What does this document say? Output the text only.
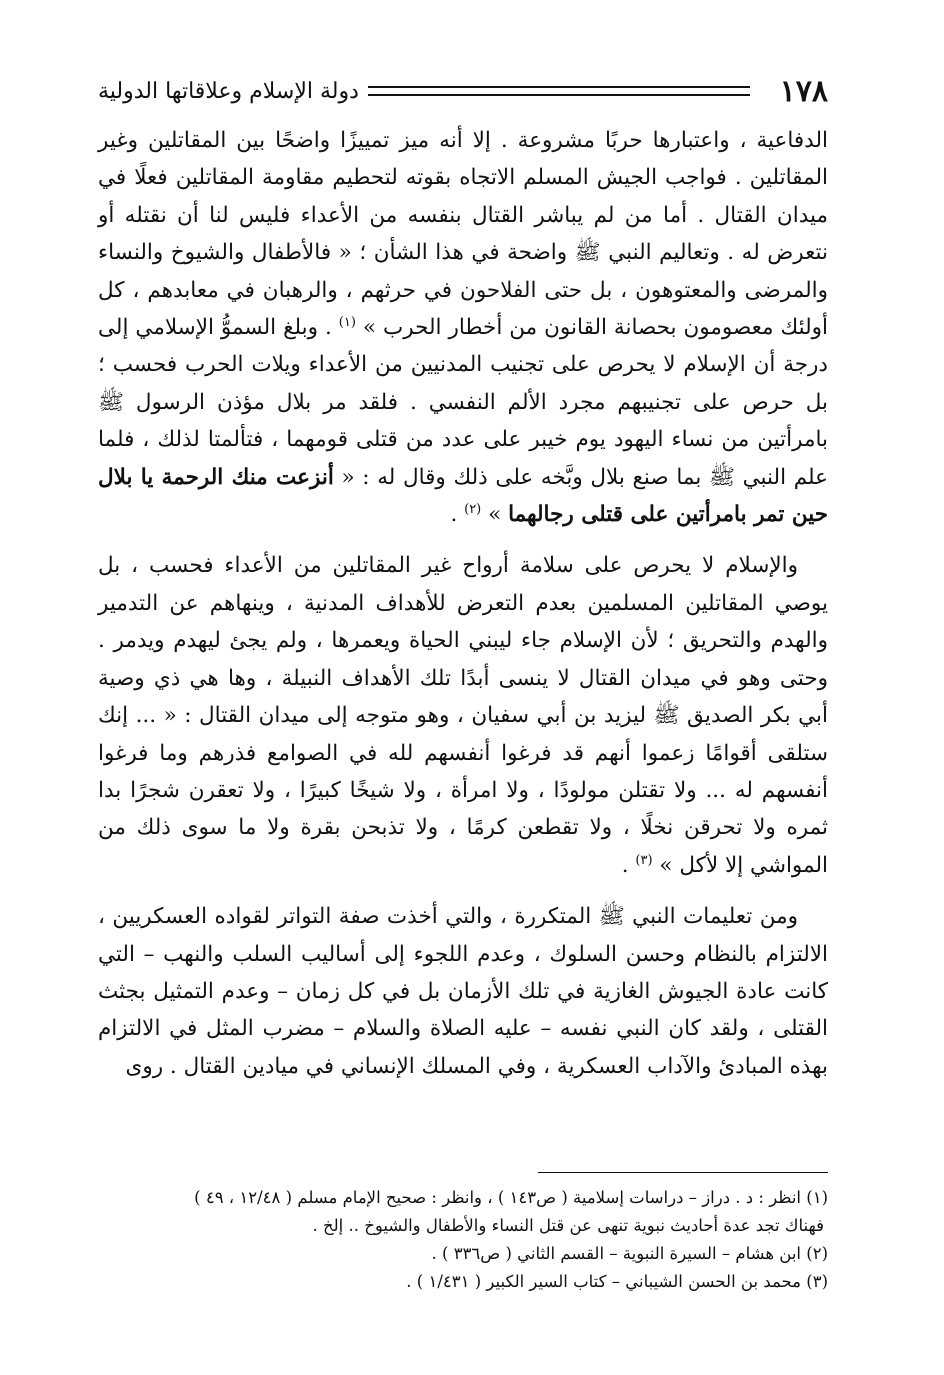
١٧٨
دولة الإسلام وعلاقاتها الدولية

الدفاعية ، واعتبارها حربًا مشروعة . إلا أنه ميز تمييزًا واضحًا بين المقاتلين وغير المقاتلين . فواجب الجيش المسلم الاتجاه بقوته لتحطيم مقاومة المقاتلين فعلًا في ميدان القتال . أما من لم يباشر القتال بنفسه من الأعداء فليس لنا أن نقتله أو نتعرض له . وتعاليم النبي ﷺ واضحة في هذا الشأن ؛ « فالأطفال والشيوخ والنساء والمرضى والمعتوهون ، بل حتى الفلاحون في حرثهم ، والرهبان في معابدهم ، كل أولئك معصومون بحصانة القانون من أخطار الحرب » $^{(١)}$ . وبلغ السموُّ الإسلامي إلى درجة أن الإسلام لا يحرص على تجنيب المدنيين من الأعداء ويلات الحرب فحسب ؛ بل حرص على تجنيبهم مجرد الألم النفسي . فلقد مر بلال مؤذن الرسول ﷺ بامرأتين من نساء اليهود يوم خيبر على عدد من قتلى قومهما ، فتألمتا لذلك ، فلما علم النبي ﷺ بما صنع بلال وبَّخه على ذلك وقال له : « أنزعت منك الرحمة يا بلال حين تمر بامرأتين على قتلى رجالهما » $^{(٢)}$ .

والإسلام لا يحرص على سلامة أرواح غير المقاتلين من الأعداء فحسب ، بل يوصي المقاتلين المسلمين بعدم التعرض للأهداف المدنية ، وينهاهم عن التدمير والهدم والتحريق ؛ لأن الإسلام جاء ليبني الحياة ويعمرها ، ولم يجئ ليهدم ويدمر . وحتى وهو في ميدان القتال لا ينسى أبدًا تلك الأهداف النبيلة ، وها هي ذي وصية أبي بكر الصديق ﷺ ليزيد بن أبي سفيان ، وهو متوجه إلى ميدان القتال : « ... إنك ستلقى أقوامًا زعموا أنهم قد فرغوا أنفسهم لله في الصوامع فذرهم وما فرغوا أنفسهم له ... ولا تقتلن مولودًا ، ولا امرأة ، ولا شيخًا كبيرًا ، ولا تعقرن شجرًا بدا ثمره ولا تحرقن نخلًا ، ولا تقطعن كرمًا ، ولا تذبحن بقرة ولا ما سوى ذلك من المواشي إلا لأكل » $^{(٣)}$ .

ومن تعليمات النبي ﷺ المتكررة ، والتي أخذت صفة التواتر لقواده العسكريين ، الالتزام بالنظام وحسن السلوك ، وعدم اللجوء إلى أساليب السلب والنهب – التي كانت عادة الجيوش الغازية في تلك الأزمان بل في كل زمان – وعدم التمثيل بجثث القتلى ، ولقد كان النبي نفسه – عليه الصلاة والسلام – مضرب المثل في الالتزام بهذه المبادئ والآداب العسكرية ، وفي المسلك الإنساني في ميادين القتال . روى

(١) انظر : د . دراز – دراسات إسلامية ( ص١٤٣ ) ، وانظر : صحيح الإمام مسلم ( ١٢/٤٨ ، ٤٩ )

فهناك تجد عدة أحاديث نبوية تنهى عن قتل النساء والأطفال والشيوخ .. إلخ .

(٢) ابن هشام – السيرة النبوية – القسم الثاني ( ص٣٣٦ ) .

(٣) محمد بن الحسن الشيباني – كتاب السير الكبير ( ١/٤٣١ ) .
